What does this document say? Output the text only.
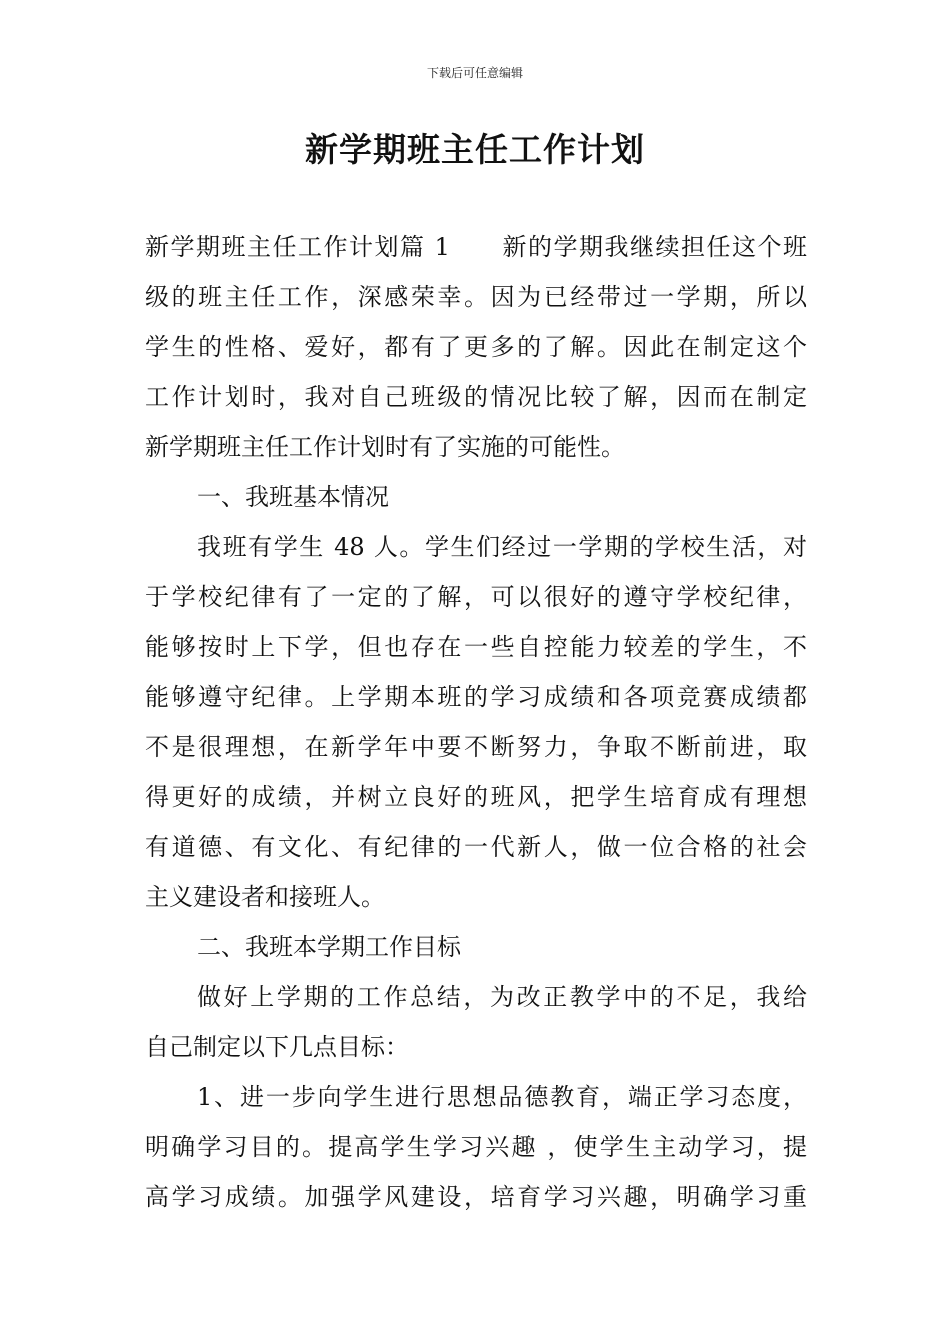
下载后可任意编辑
新学期班主任工作计划
新学期班主任工作计划篇 1　　新的学期我继续担任这个班
级的班主任工作，深感荣幸。因为已经带过一学期，所以
学生的性格、爱好，都有了更多的了解。因此在制定这个
工作计划时，我对自己班级的情况比较了解，因而在制定
新学期班主任工作计划时有了实施的可能性。
一、我班基本情况
我班有学生 48 人。学生们经过一学期的学校生活，对
于学校纪律有了一定的了解，可以很好的遵守学校纪律，
能够按时上下学，但也存在一些自控能力较差的学生，不
能够遵守纪律。上学期本班的学习成绩和各项竞赛成绩都
不是很理想，在新学年中要不断努力，争取不断前进，取
得更好的成绩，并树立良好的班风，把学生培育成有理想
有道德、有文化、有纪律的一代新人，做一位合格的社会
主义建设者和接班人。
二、我班本学期工作目标
做好上学期的工作总结，为改正教学中的不足，我给
自己制定以下几点目标：
1、进一步向学生进行思想品德教育，端正学习态度，
明确学习目的。提高学生学习兴趣 ，使学生主动学习，提
高学习成绩。加强学风建设，培育学习兴趣，明确学习重
